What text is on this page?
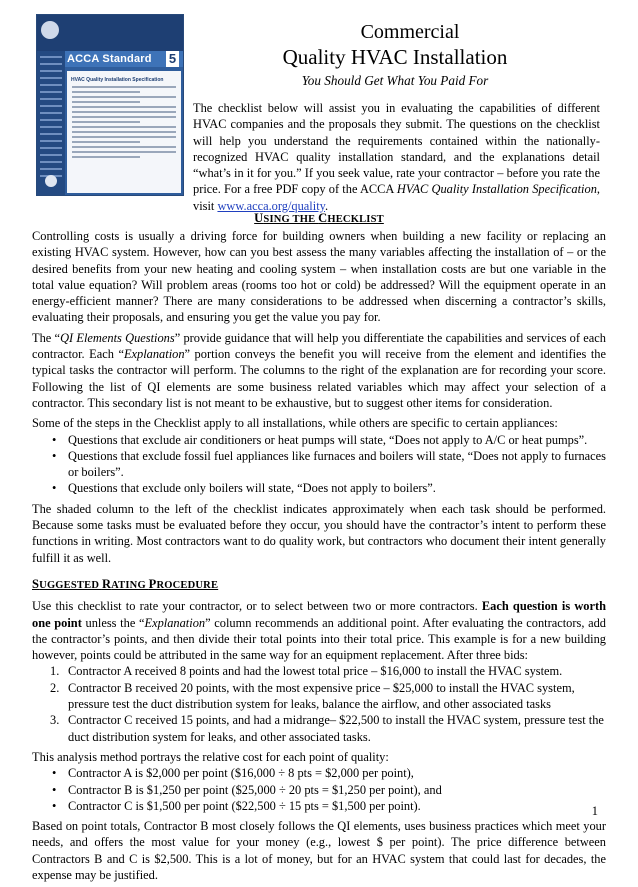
ACCA Standard 5
HVAC Quality Installation Specification
Commercial
Quality HVAC Installation
You Should Get What You Paid For

The checklist below will assist you in evaluating the capabilities of different HVAC companies and the proposals they submit. The questions on the checklist will help you understand the requirements contained within the nationally-recognized HVAC quality installation standard, and the explanations detail “what’s in it for you.” If you seek value, rate your contractor – before you rate the price. For a free PDF copy of the ACCA HVAC Quality Installation Specification, visit www.acca.org/quality.

USING THE CHECKLIST

Controlling costs is usually a driving force for building owners when building a new facility or replacing an existing HVAC system. However, how can you best assess the many variables affecting the installation of – or the desired benefits from your new heating and cooling system – when installation costs are but one variable in the total value equation? Will problem areas (rooms too hot or cold) be addressed? Will the equipment operate in an energy-efficient manner? There are many considerations to be addressed when discerning a contractor’s skills, evaluating their proposals, and ensuring you get the value you pay for.

The “QI Elements Questions” provide guidance that will help you differentiate the capabilities and services of each contractor. Each “Explanation” portion conveys the benefit you will receive from the element and identifies the typical tasks the contractor will perform. The columns to the right of the explanation are for recording your score. Following the list of QI elements are some business related variables which may affect your selection of a contractor. This secondary list is not meant to be exhaustive, but to suggest other items for consideration.

Some of the steps in the Checklist apply to all installations, while others are specific to certain appliances:

• Questions that exclude air conditioners or heat pumps will state, “Does not apply to A/C or heat pumps”.
• Questions that exclude fossil fuel appliances like furnaces and boilers will state, “Does not apply to furnaces or boilers”.
• Questions that exclude only boilers will state, “Does not apply to boilers”.

The shaded column to the left of the checklist indicates approximately when each task should be performed. Because some tasks must be evaluated before they occur, you should have the contractor’s intent to perform these functions in writing. Most contractors want to do quality work, but contractors who document their intent generally fulfill it as well.

SUGGESTED RATING PROCEDURE

Use this checklist to rate your contractor, or to select between two or more contractors. Each question is worth one point unless the “Explanation” column recommends an additional point. After evaluating the contractors, add the contractor’s points, and then divide their total points into their total price. This example is for a new building however, points could be attributed in the same way for an equipment replacement. After three bids:

1. Contractor A received 8 points and had the lowest total price – $16,000 to install the HVAC system.
2. Contractor B received 20 points, with the most expensive price – $25,000 to install the HVAC system, pressure test the duct distribution system for leaks, balance the airflow, and other associated tasks
3. Contractor C received 15 points, and had a midrange– $22,500 to install the HVAC system, pressure test the duct distribution system for leaks, and other associated tasks.

This analysis method portrays the relative cost for each point of quality:

• Contractor A is $2,000 per point ($16,000 ÷ 8 pts = $2,000 per point),
• Contractor B is $1,250 per point ($25,000 ÷ 20 pts = $1,250 per point), and
• Contractor C is $1,500 per point ($22,500 ÷ 15 pts = $1,500 per point).

Based on point totals, Contractor B most closely follows the QI elements, uses business practices which meet your needs, and offers the most value for your money (e.g., lowest $ per point). The price difference between Contractors B and C is $2,500. This is a lot of money, but for an HVAC system that could last for decades, the expense may be justified.

1
